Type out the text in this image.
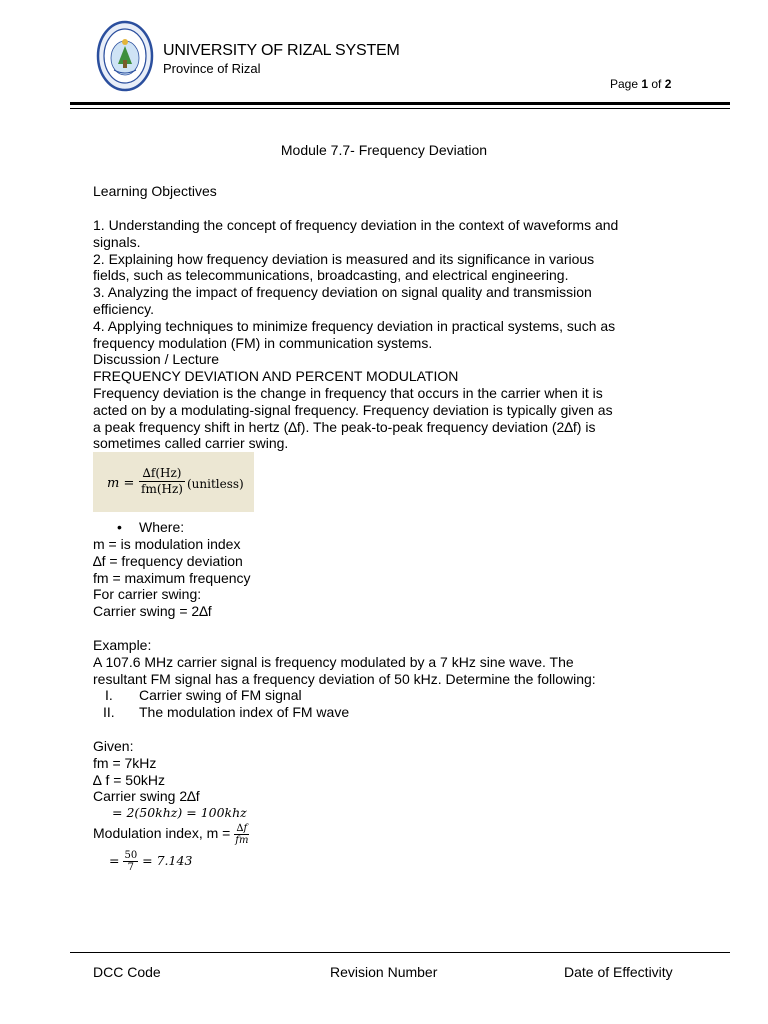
UNIVERSITY OF RIZAL SYSTEM
Province of Rizal
Page 1 of 2
Module 7.7- Frequency Deviation
Learning Objectives
1. Understanding the concept of frequency deviation in the context of waveforms and
signals.
2. Explaining how frequency deviation is measured and its significance in various
fields, such as telecommunications, broadcasting, and electrical engineering.
3. Analyzing the impact of frequency deviation on signal quality and transmission
efficiency.
4. Applying techniques to minimize frequency deviation in practical systems, such as
frequency modulation (FM) in communication systems.
Discussion / Lecture
FREQUENCY DEVIATION AND PERCENT MODULATION
Frequency deviation is the change in frequency that occurs in the carrier when it is
acted on by a modulating-signal frequency. Frequency deviation is typically given as
a peak frequency shift in hertz (∆f). The peak-to-peak frequency deviation (2∆f) is
sometimes called carrier swing.
$m = \frac{\Delta f(Hz)}{fm(Hz)}$ (unitless)
• Where:
m = is modulation index
∆f = frequency deviation
fm = maximum frequency
For carrier swing:
Carrier swing = 2∆f
Example:
A 107.6 MHz carrier signal is frequency modulated by a 7 kHz sine wave. The
resultant FM signal has a frequency deviation of 50 kHz. Determine the following:
I. Carrier swing of FM signal
II. The modulation index of FM wave
Given:
fm = 7kHz
∆ f = 50kHz
Carrier swing 2∆f
= 2(50khz) = 100khz
Modulation index, $m = \frac{\Delta f}{fm}$
= $\frac{50}{7} = 7.143$
DCC Code	Revision Number	Date of Effectivity
